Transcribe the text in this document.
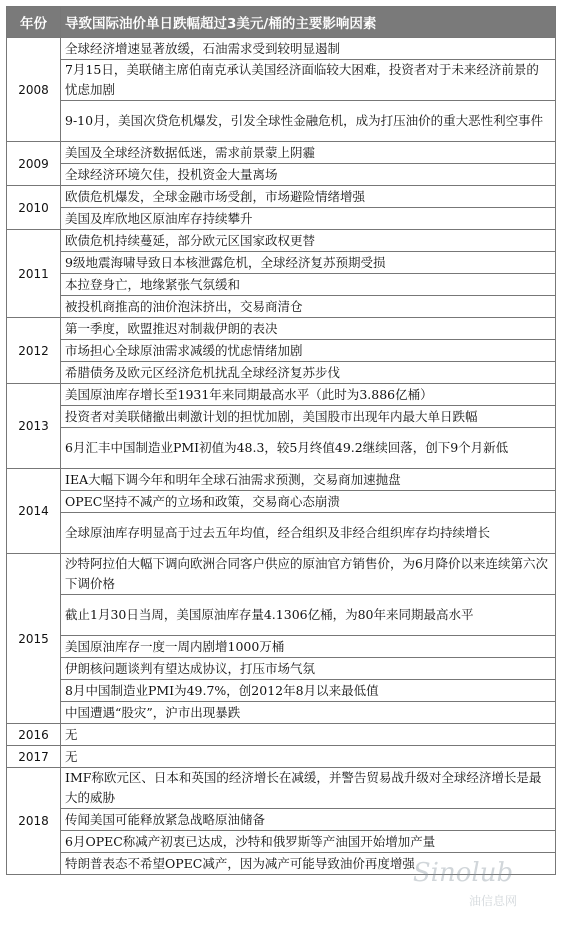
年份	导致国际油价单日跌幅超过3美元/桶的主要影响因素
2008	全球经济增速显著放缓，石油需求受到较明显遏制
	7月15日，美联储主席伯南克承认美国经济面临较大困难，投资者对于未来经济前景的忧虑加剧
	9-10月，美国次贷危机爆发，引发全球性金融危机，成为打压油价的重大恶性利空事件
2009	美国及全球经济数据低迷，需求前景蒙上阴霾
	全球经济环境欠佳，投机资金大量离场
2010	欧债危机爆发，全球金融市场受創，市场避险情绪增强
	美国及库欣地区原油库存持续攀升
2011	欧债危机持续蔓延，部分欧元区国家政权更替
	9级地震海啸导致日本核泄露危机，全球经济复苏预期受损
	本拉登身亡，地缘紧张气氛缓和
	被投机商推高的油价泡沫挤出，交易商清仓
2012	第一季度，欧盟推迟对制裁伊朗的表决
	市场担心全球原油需求减缓的忧虑情绪加剧
	希腊债务及欧元区经济危机扰乱全球经济复苏步伐
2013	美国原油库存增长至1931年来同期最高水平（此时为3.886亿桶）
	投资者对美联储撤出刺激计划的担忧加剧，美国股市出现年内最大单日跌幅
	6月汇丰中国制造业PMI初值为48.3，较5月终值49.2继续回落，创下9个月新低
2014	IEA大幅下调今年和明年全球石油需求预测，交易商加速抛盘
	OPEC坚持不减产的立场和政策，交易商心态崩溃
	全球原油库存明显高于过去五年均值，经合组织及非经合组织库存均持续增长
2015	沙特阿拉伯大幅下调向欧洲合同客户供应的原油官方销售价，为6月降价以来连续第六次下调价格
	截止1月30日当周，美国原油库存量4.1306亿桶，为80年来同期最高水平
	美国原油库存一度一周内剧增1000万桶
	伊朗核问题谈判有望达成协议，打压市场气氛
	8月中国制造业PMI为49.7%，创2012年8月以来最低值
	中国遭遇“股灾”，沪市出现暴跌
2016	无
2017	无
2018	IMF称欧元区、日本和英国的经济增长在减缓，并警告贸易战升级对全球经济增长是最大的威胁
	传闻美国可能释放紧急战略原油储备
	6月OPEC称减产初衷已达成，沙特和俄罗斯等产油国开始增加产量
	特朗普表态不希望OPEC减产，因为减产可能导致油价再度增强
Sinolub
油信息网
